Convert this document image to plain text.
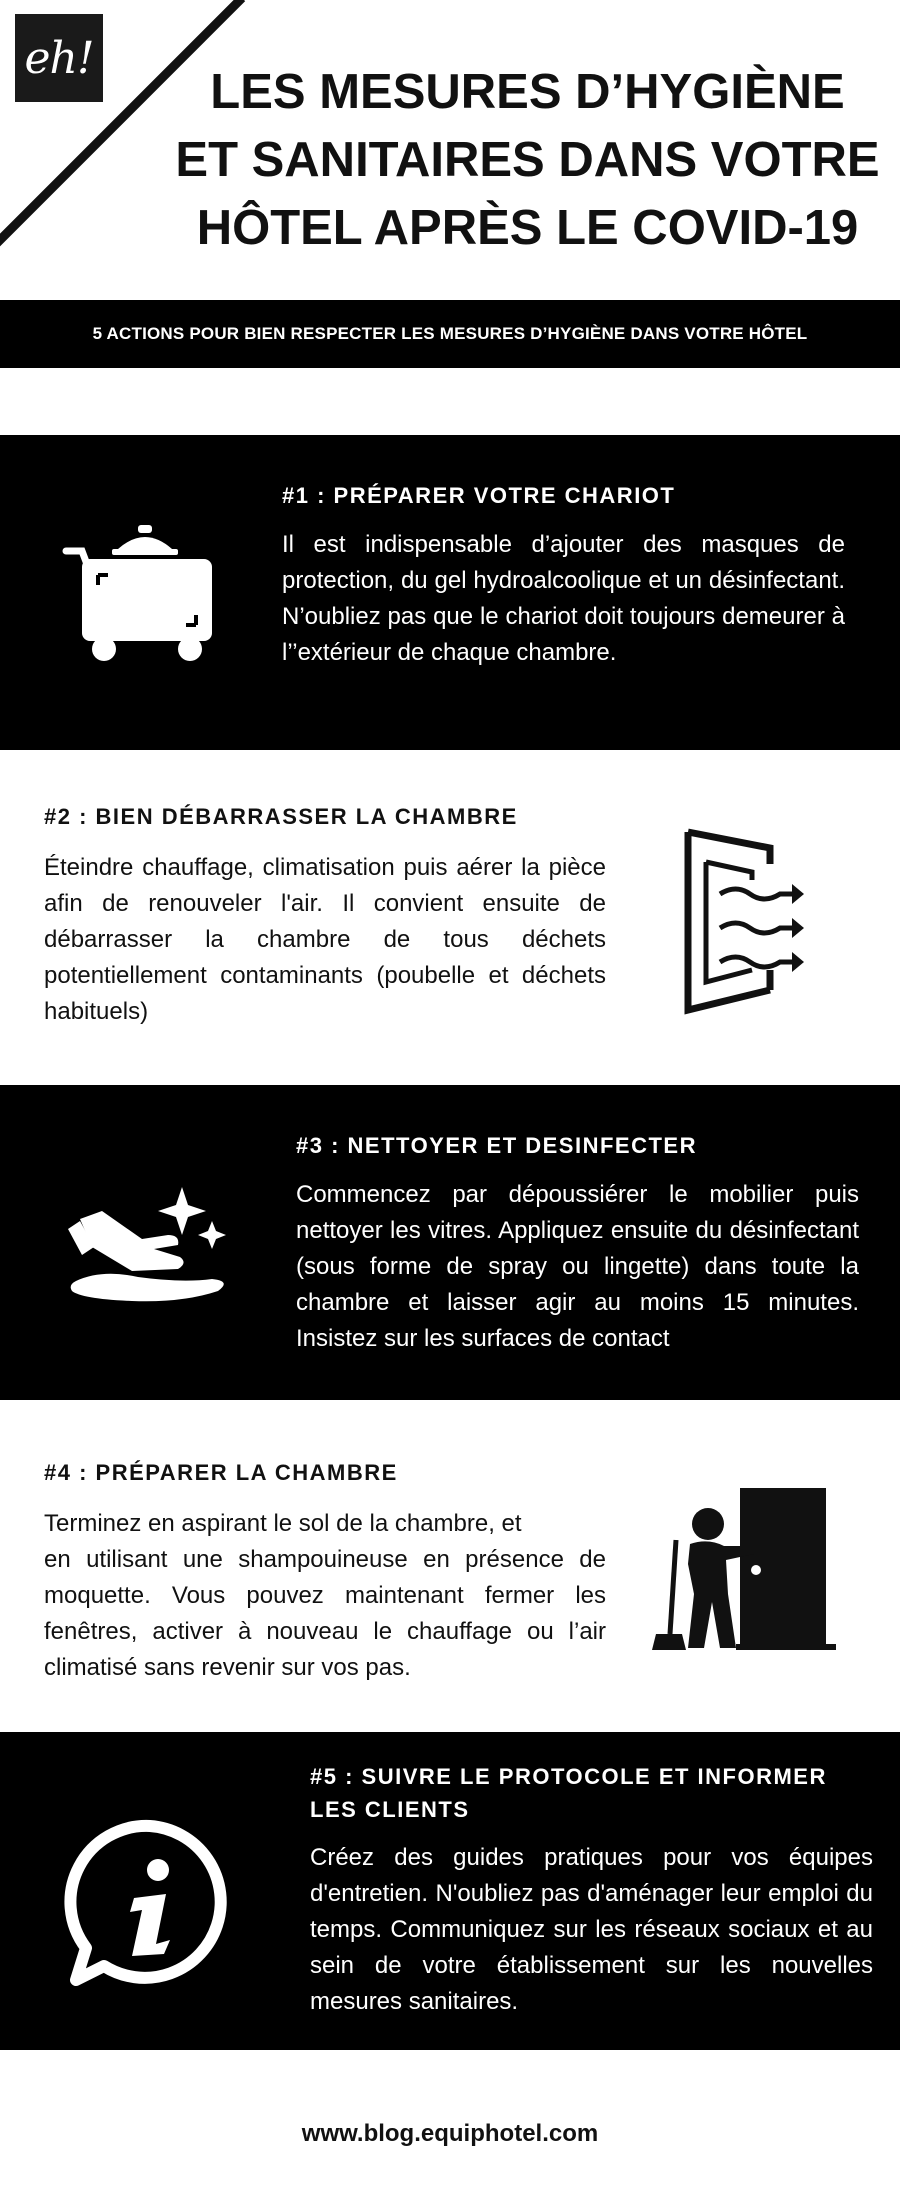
eh!
LES MESURES D’HYGIÈNE
ET SANITAIRES DANS VOTRE
HÔTEL APRÈS LE COVID-19
5 ACTIONS POUR BIEN RESPECTER LES MESURES D’HYGIÈNE DANS VOTRE HÔTEL
#1 : PRÉPARER VOTRE CHARIOT
Il est indispensable d’ajouter des masques de protection, du gel hydroalcoolique et un désinfectant. N’oubliez pas que le chariot doit toujours demeurer à l’’extérieur de chaque chambre.
#2 : BIEN DÉBARRASSER LA CHAMBRE
Éteindre chauffage, climatisation puis aérer la pièce afin de renouveler l'air. Il convient ensuite de débarrasser la chambre de tous déchets potentiellement contaminants (poubelle et déchets habituels)
#3 : NETTOYER ET DESINFECTER
Commencez par dépoussiérer le mobilier puis nettoyer les vitres. Appliquez ensuite du désinfectant (sous forme de spray ou lingette) dans toute la chambre et laisser agir au moins 15 minutes. Insistez sur les surfaces de contact
#4 : PRÉPARER LA CHAMBRE
Terminez en aspirant le sol de la chambre, et
en utilisant une shampouineuse en présence de moquette. Vous pouvez maintenant fermer les fenêtres, activer à nouveau le chauffage ou l’air climatisé sans revenir sur vos pas.
#5 : SUIVRE LE PROTOCOLE ET INFORMER LES CLIENTS
Créez des guides pratiques pour vos équipes d'entretien. N'oubliez pas d'aménager leur emploi du temps. Communiquez sur les réseaux sociaux et au sein de votre établissement sur les nouvelles mesures sanitaires.
www.blog.equiphotel.com
